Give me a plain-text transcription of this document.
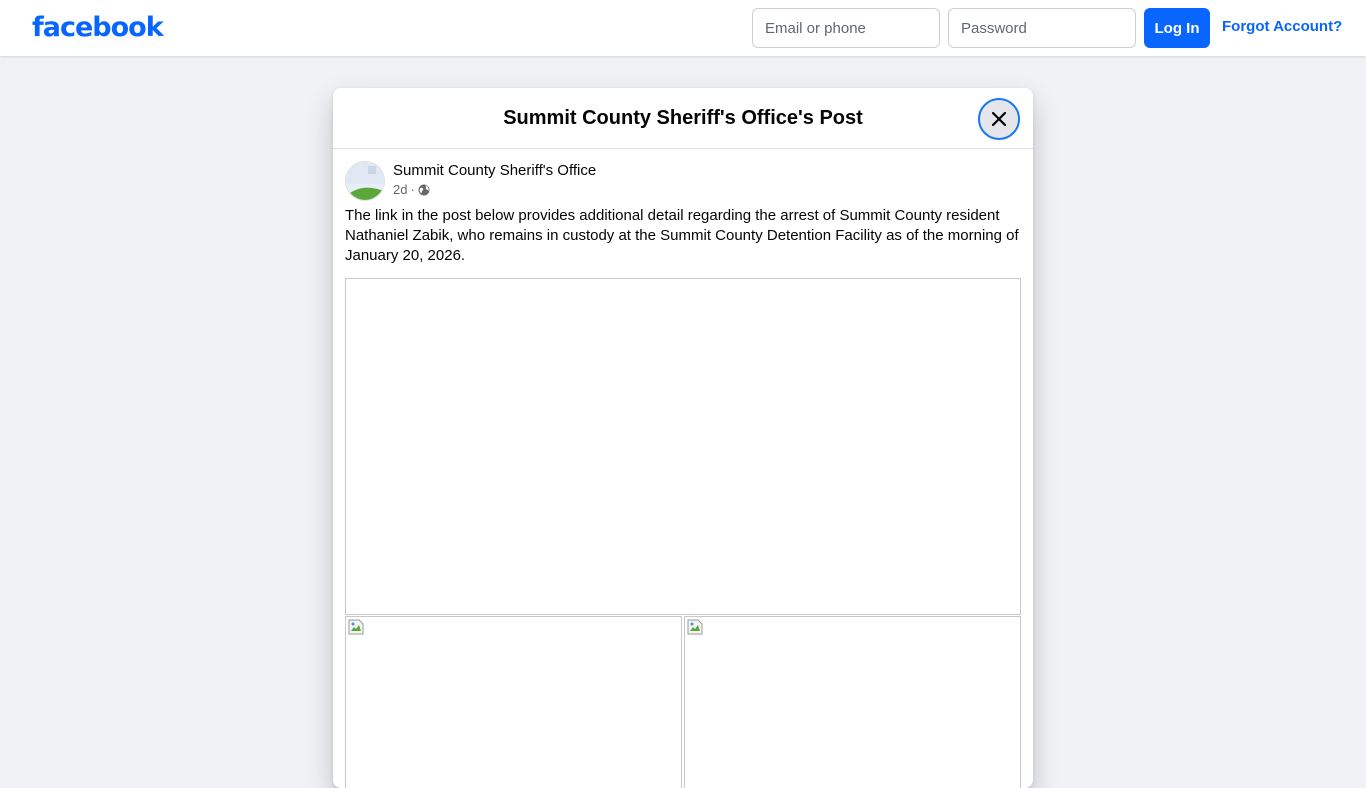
facebook
Email or phone	Log In	Forgot Account?
Summit County Sheriff's Office's Post
Summit County Sheriff's Office
2d ·
The link in the post below provides additional detail regarding the arrest of Summit County resident Nathaniel Zabik, who remains in custody at the Summit County Detention Facility as of the morning of January 20, 2026.
